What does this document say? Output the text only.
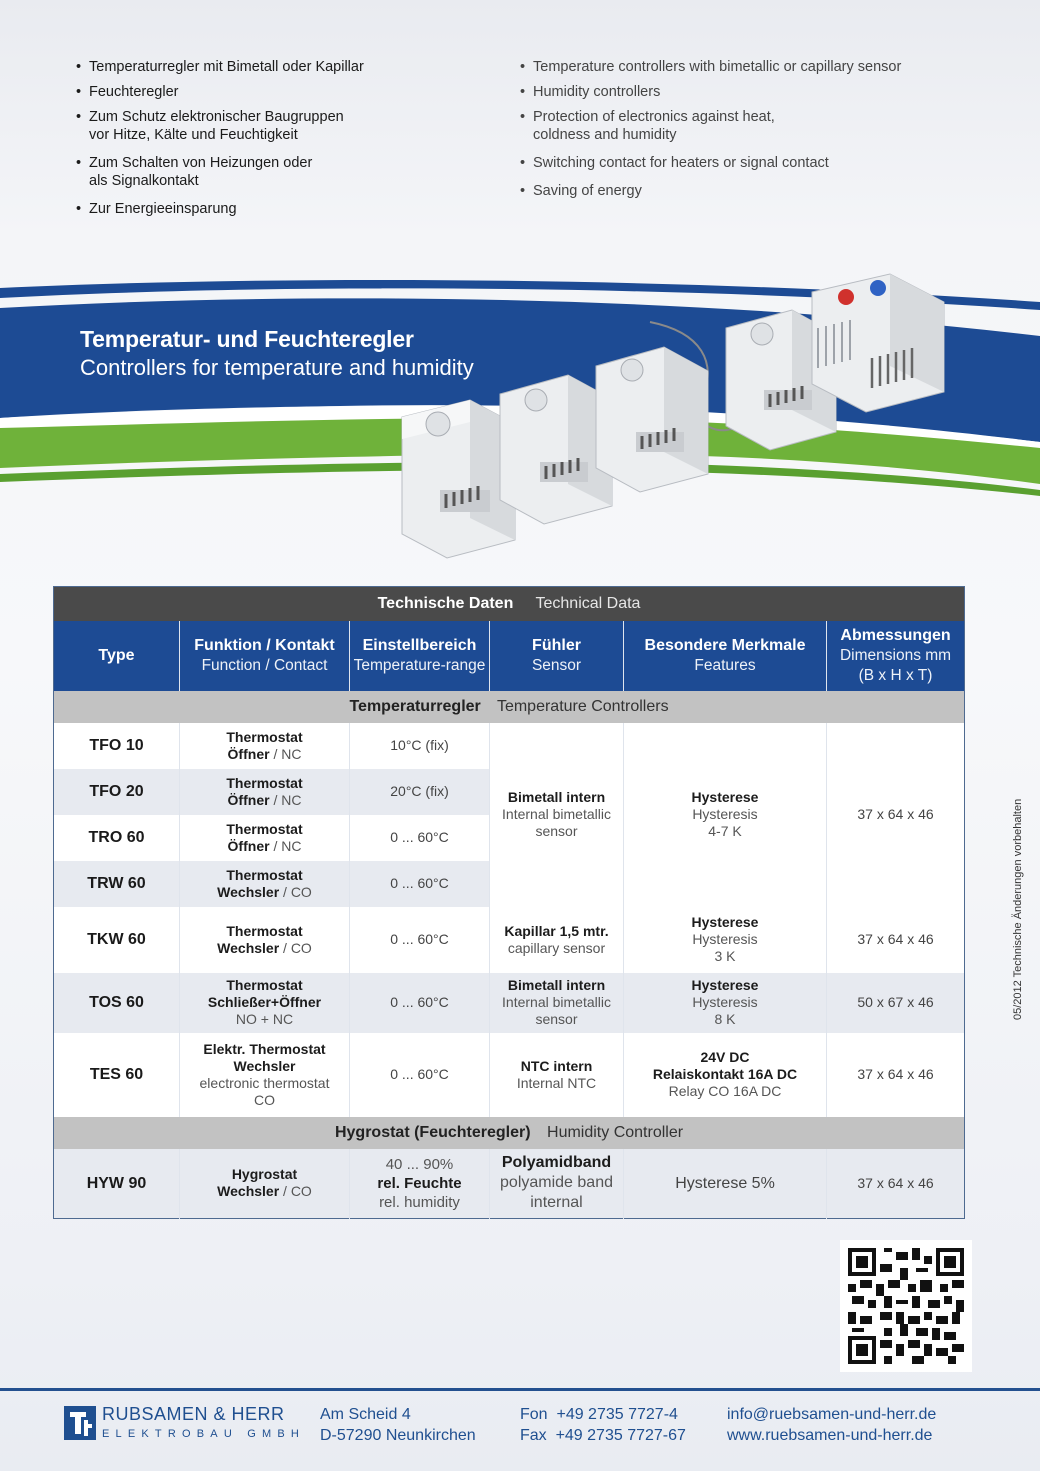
• Temperaturregler mit Bimetall oder Kapillar
• Feuchteregler
• Zum Schutz elektronischer Baugruppen
vor Hitze, Kälte und Feuchtigkeit
• Zum Schalten von Heizungen oder
als Signalkontakt
• Zur Energieeinsparung
• Temperature controllers with bimetallic or capillary sensor
• Humidity controllers
• Protection of electronics against heat,
coldness and humidity
• Switching contact for heaters or signal contact
• Saving of energy
Temperatur- und Feuchteregler
Controllers for temperature and humidity
Technische Daten Technical Data					

Type	Funktion / Kontakt
Function / Contact	Einstellbereich
Temperature-range	Fühler
Sensor	Besondere Merkmale
Features	Abmessungen
Dimensions mm
(B x H x T)

Temperaturregler Temperature Controllers					
TFO 10	Thermostat
Öffner / NC	10°C (fix)	Bimetall intern
Internal bimetallic
sensor	Hysterese
Hysteresis
4-7 K	37 x 64 x 46
TFO 20	Thermostat
Öffner / NC	20°C (fix)			
TRO 60	Thermostat
Öffner / NC	0 ... 60°C			
TRW 60	Thermostat
Wechsler / CO	0 ... 60°C			
TKW 60	Thermostat
Wechsler / CO	0 ... 60°C	Kapillar 1,5 mtr.
capillary sensor	Hysterese
Hysteresis
3 K	37 x 64 x 46
TOS 60	Thermostat
Schließer+Öffner
NO + NC	0 ... 60°C	Bimetall intern
Internal bimetallic
sensor	Hysterese
Hysteresis
8 K	50 x 67 x 46
TES 60	Elektr. Thermostat
Wechsler
electronic thermostat
CO	0 ... 60°C	NTC intern
Internal NTC	24V DC
Relaiskontakt 16A DC
Relay CO 16A DC	37 x 64 x 46
Hygrostat (Feuchteregler) Humidity Controller					
HYW 90	Hygrostat
Wechsler / CO	40 ... 90%
rel. Feuchte
rel. humidity	Polyamidband
polyamide band
internal	Hysterese 5%	37 x 64 x 46
05/2012 Technische Änderungen vorbehalten
RUBSAMEN & HERR
ELEKTROBAU GMBH
Am Scheid 4
D-57290 Neunkirchen
Fon +49 2735 7727-4
Fax +49 2735 7727-67
info@ruebsamen-und-herr.de
www.ruebsamen-und-herr.de
